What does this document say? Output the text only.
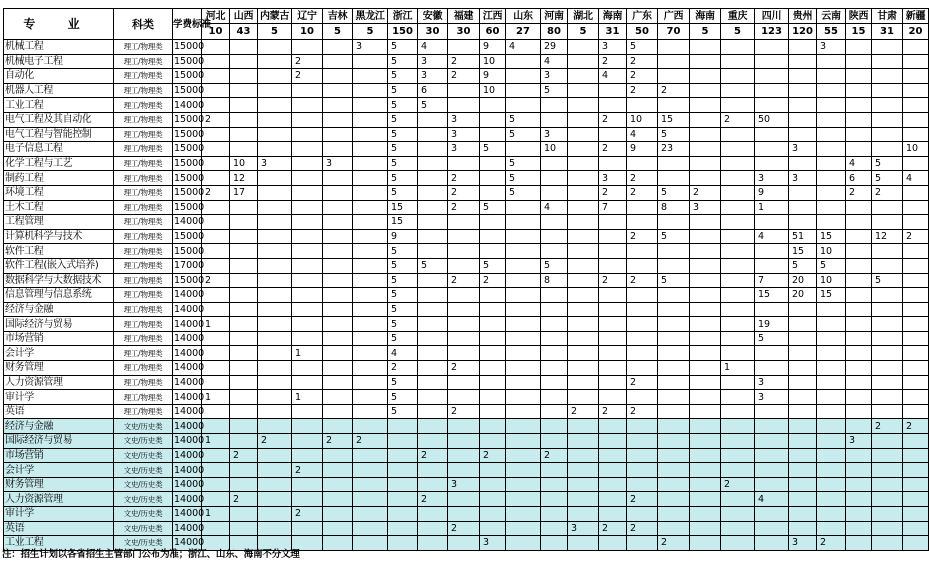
专 业	科类	学费标准	河北	山西	内蒙古	辽宁	吉林	黑龙江	浙江	安徽	福建	江西	山东	河南	湖北	海南	广东	广西	海南	重庆	四川	贵州	云南	陕西	甘肃	新疆
			10	43	5	10	5	5	150	30	30	60	27	80	5	31	50	70	5	5	123	120	55	15	31	20
机械工程	理工/物理类	15000						3	5	4		9	4	29		3	5						3			
机械电子工程	理工/物理类	15000				2			5	3	2	10		4		2	2									
自动化	理工/物理类	15000				2			5	3	2	9		3		4	2									
机器人工程	理工/物理类	15000							5	6		10		5			2	2								
工业工程	理工/物理类	14000							5	5																
电气工程及其自动化	理工/物理类	15000	2						5		3		5			2	10	15		2	50					
电气工程与智能控制	理工/物理类	15000							5		3		5	3			4	5								
电子信息工程	理工/物理类	15000							5		3	5		10		2	9	23				3				10
化学工程与工艺	理工/物理类	15000		10	3		3		5				5											4	5	
制药工程	理工/物理类	15000		12					5		2		5			3	2				3	3		6	5	4
环境工程	理工/物理类	15000	2	17					5		2		5			2	2	5	2		9			2	2	
土木工程	理工/物理类	15000							15		2	5		4		7		8	3		1					
工程管理	理工/物理类	14000							15																	
计算机科学与技术	理工/物理类	15000							9								2	5			4	51	15		12	2
软件工程	理工/物理类	15000							5													15	10			
软件工程(嵌入式培养)	理工/物理类	17000							5	5		5		5								5	5			
数据科学与大数据技术	理工/物理类	15000	2						5		2	2		8		2	2	5			7	20	10		5	
信息管理与信息系统	理工/物理类	14000							5												15	20	15			
经济与金融	理工/物理类	14000							5																	
国际经济与贸易	理工/物理类	14000	1						5												19					
市场营销	理工/物理类	14000							5												5					
会计学	理工/物理类	14000				1			4																	
财务管理	理工/物理类	14000							2		2									1						
人力资源管理	理工/物理类	14000							5								2				3					
审计学	理工/物理类	14000	1			1			5												3					
英语	理工/物理类	14000							5		2				2	2	2									
经济与金融	文史/历史类	14000																							2	2
国际经济与贸易	文史/历史类	14000	1		2		2	2																3		
市场营销	文史/历史类	14000		2						2		2		2												
会计学	文史/历史类	14000				2																				
财务管理	文史/历史类	14000									3									2						
人力资源管理	文史/历史类	14000		2						2							2				4					
审计学	文史/历史类	14000	1			2																				
英语	文史/历史类	14000									2				3	2	2									
工业工程	文史/历史类	14000										3						2				3	2			
注：招生计划以各省招生主管部门公布为准；浙江、山东、海南不分文理
